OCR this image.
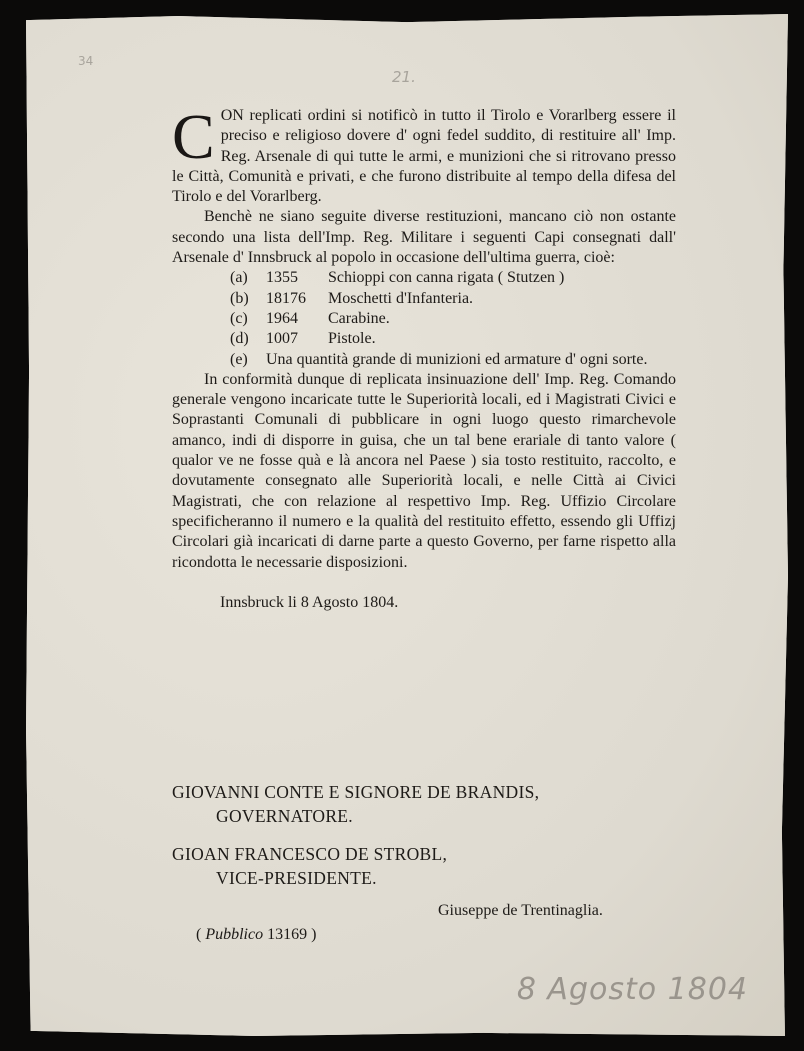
34
21.

CON replicati ordini si notificò in tutto il Tirolo e Vorarlberg essere il preciso e religioso dovere d' ogni fedel suddito, di restituire all' Imp. Reg. Arsenale di qui tutte le armi, e munizioni che si ritrovano presso le Città, Comunità e privati, e che furono distribuite al tempo della difesa del Tirolo e del Vorarlberg.

Benchè ne siano seguite diverse restituzioni, mancano ciò non ostante secondo una lista dell'Imp. Reg. Militare i seguenti Capi consegnati dall' Arsenale d' Innsbruck al popolo in occasione dell'ultima guerra, cioè:

(a) 1355 Schioppi con canna rigata ( Stutzen )
(b) 18176 Moschetti d'Infanteria.
(c) 1964 Carabine.
(d) 1007 Pistole.

(e) Una quantità grande di munizioni ed armature d' ogni sorte.

In conformità dunque di replicata insinuazione dell' Imp. Reg. Comando generale vengono incaricate tutte le Superiorità locali, ed i Magistrati Civici e Soprastanti Comunali di pubblicare in ogni luogo questo rimarchevole amanco, indi di disporre in guisa, che un tal bene erariale di tanto valore ( qualor ve ne fosse quà e là ancora nel Paese ) sia tosto restituito, raccolto, e dovutamente consegnato alle Superiorità locali, e nelle Città ai Civici Magistrati, che con relazione al respettivo Imp. Reg. Uffizio Circolare specificheranno il numero e la qualità del restituito effetto, essendo gli Uffizj Circolari già incaricati di darne parte a questo Governo, per farne rispetto alla ricondotta le necessarie disposizioni.

Innsbruck li 8 Agosto 1804.
GIOVANNI CONTE E SIGNORE DE BRANDIS,
GOVERNATORE.
GIOAN FRANCESCO DE STROBL,
VICE-PRESIDENTE.
Giuseppe de Trentinaglia.
( Pubblico 13169 )
8 Agosto 1804
